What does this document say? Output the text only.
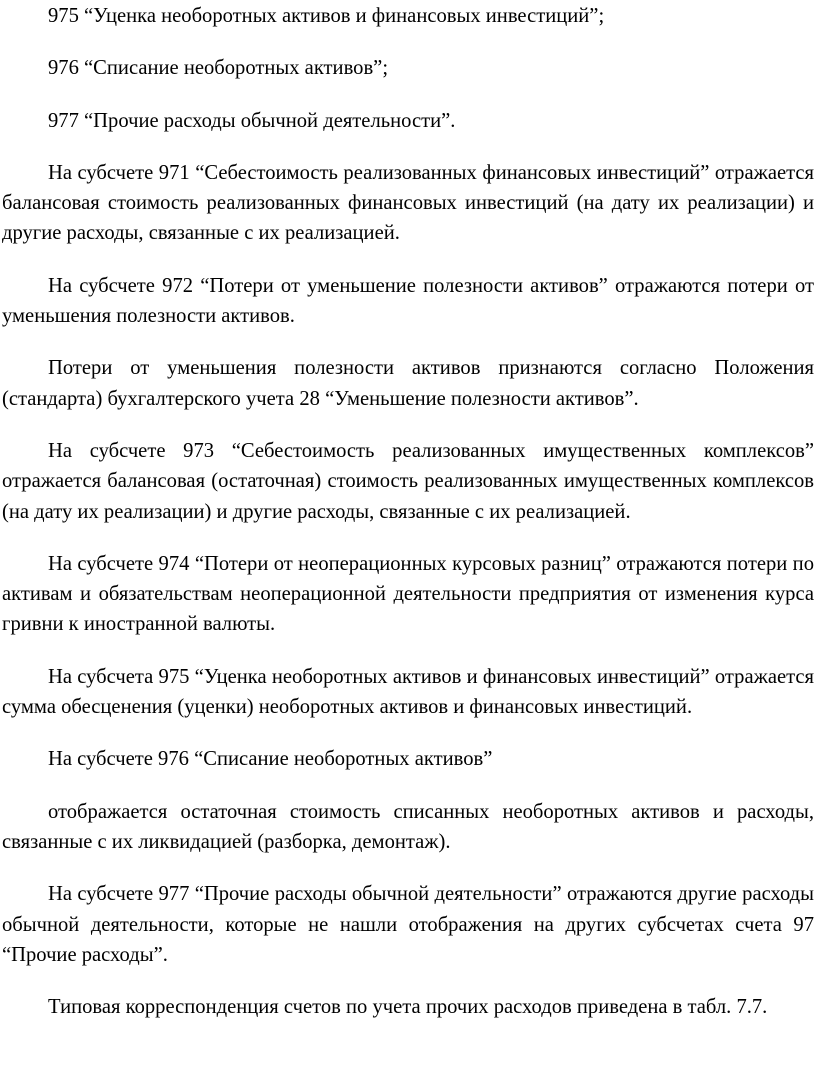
975 “Уценка необоротных активов и финансовых инвестиций”;

976 “Списание необоротных активов”;

977 “Прочие расходы обычной деятельности”.

На субсчете 971 “Себестоимость реализованных финансовых инвестиций” отражается балансовая стоимость реализованных финансовых инвестиций (на дату их реализации) и другие расходы, связанные с их реализацией.

На субсчете 972 “Потери от уменьшение полезности активов” отражаются потери от уменьшения полезности активов.

Потери от уменьшения полезности активов признаются согласно Положения (стандарта) бухгалтерского учета 28 “Уменьшение полезности активов”.

На субсчете 973 “Себестоимость реализованных имущественных комплексов” отражается балансовая (остаточная) стоимость реализованных имущественных комплексов (на дату их реализации) и другие расходы, связанные с их реализацией.

На субсчете 974 “Потери от неоперационных курсовых разниц” отражаются потери по активам и обязательствам неоперационной деятельности предприятия от изменения курса гривни к иностранной валюты.

На субсчета 975 “Уценка необоротных активов и финансовых инвестиций” отражается сумма обесценения (уценки) необоротных активов и финансовых инвестиций.

На субсчете 976 “Списание необоротных активов”

отображается остаточная стоимость списанных необоротных активов и расходы, связанные с их ликвидацией (разборка, демонтаж).

На субсчете 977 “Прочие расходы обычной деятельности” отражаются другие расходы обычной деятельности, которые не нашли отображения на других субсчетах счета 97 “Прочие расходы”.

Типовая корреспонденция счетов по учета прочих расходов приведена в табл. 7.7.
